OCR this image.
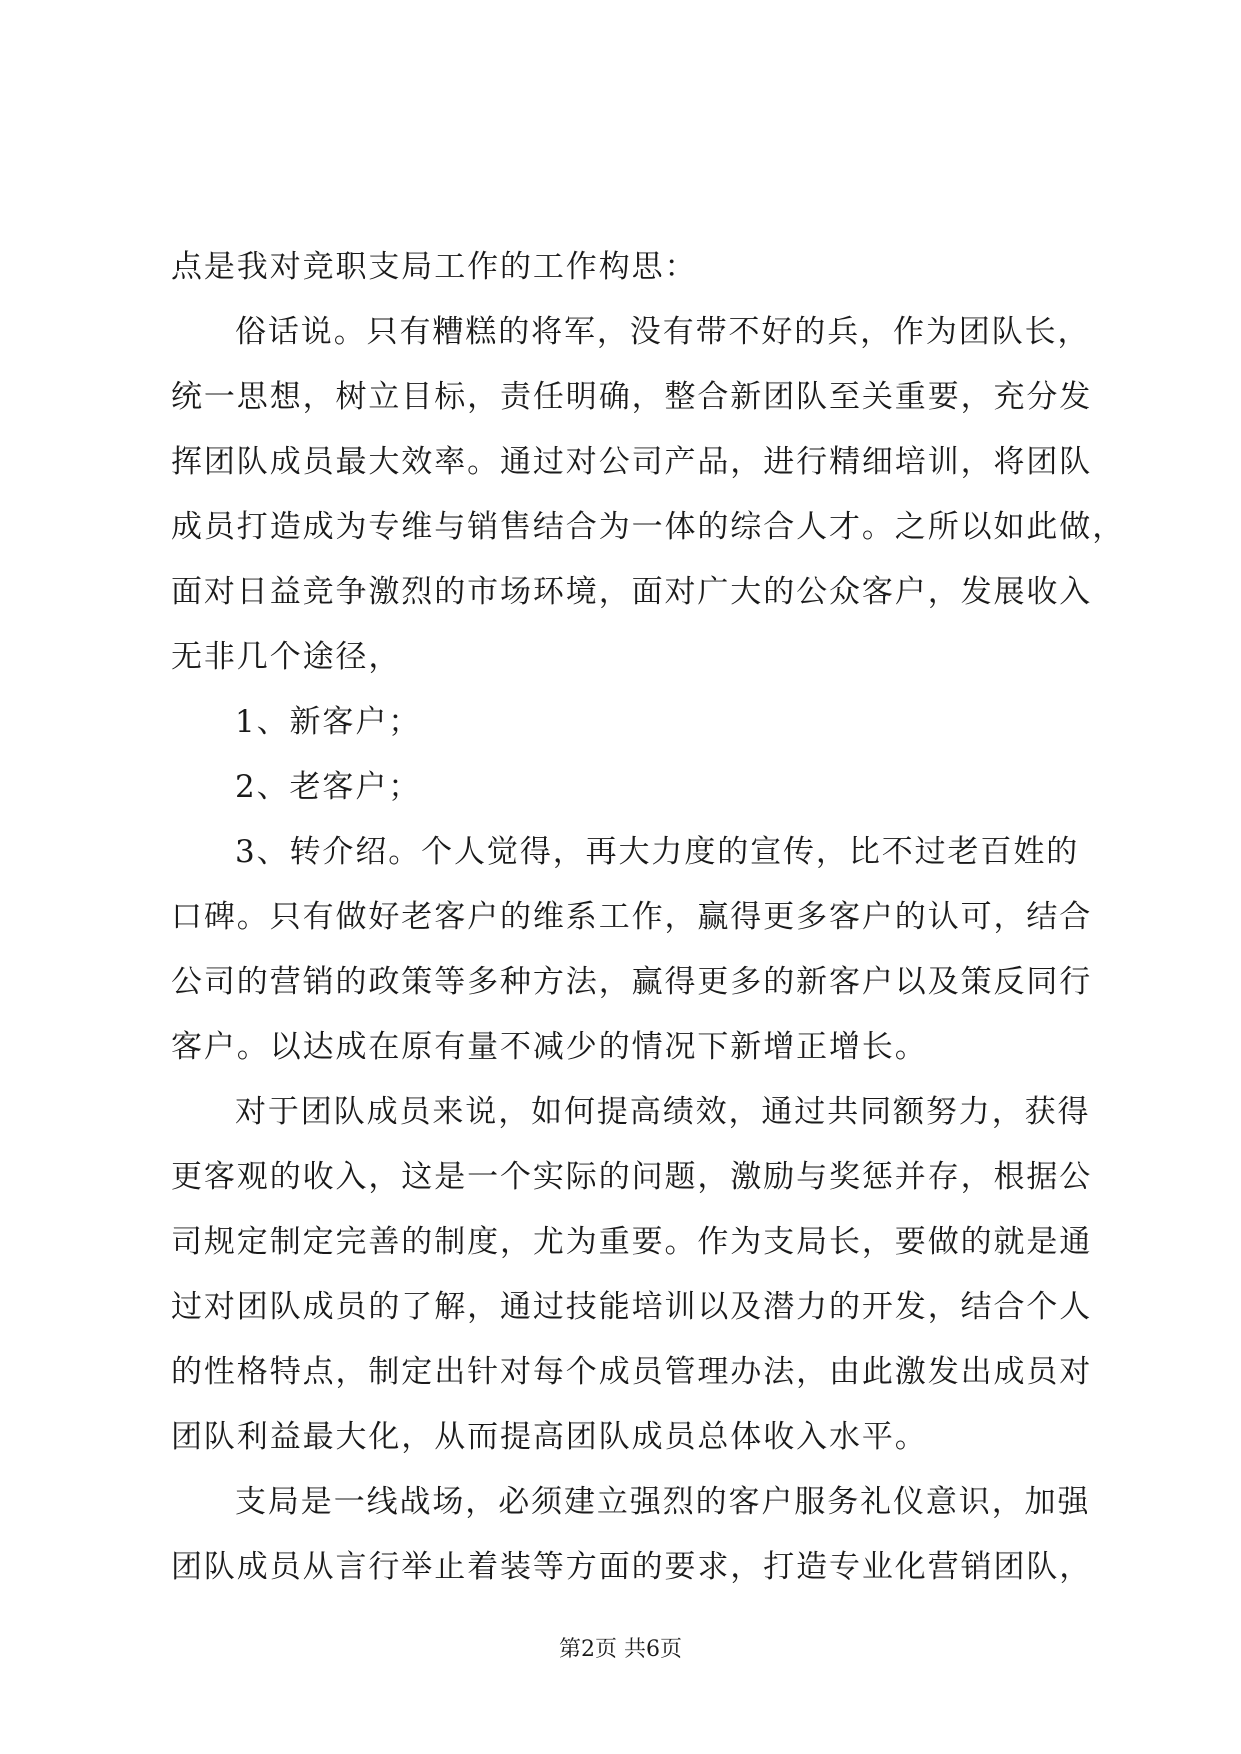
点是我对竞职支局工作的工作构思：
俗话说。只有糟糕的将军，没有带不好的兵，作为团队长，
统一思想，树立目标，责任明确，整合新团队至关重要，充分发
挥团队成员最大效率。通过对公司产品，进行精细培训，将团队
成员打造成为专维与销售结合为一体的综合人才。之所以如此做，
面对日益竞争激烈的市场环境，面对广大的公众客户，发展收入
无非几个途径，
1、新客户；
2、老客户；
3、转介绍。个人觉得，再大力度的宣传，比不过老百姓的
口碑。只有做好老客户的维系工作，赢得更多客户的认可，结合
公司的营销的政策等多种方法，赢得更多的新客户以及策反同行
客户。以达成在原有量不减少的情况下新增正增长。
对于团队成员来说，如何提高绩效，通过共同额努力，获得
更客观的收入，这是一个实际的问题，激励与奖惩并存，根据公
司规定制定完善的制度，尤为重要。作为支局长，要做的就是通
过对团队成员的了解，通过技能培训以及潜力的开发，结合个人
的性格特点，制定出针对每个成员管理办法，由此激发出成员对
团队利益最大化，从而提高团队成员总体收入水平。
支局是一线战场，必须建立强烈的客户服务礼仪意识，加强
团队成员从言行举止着装等方面的要求，打造专业化营销团队，
第2页 共6页
